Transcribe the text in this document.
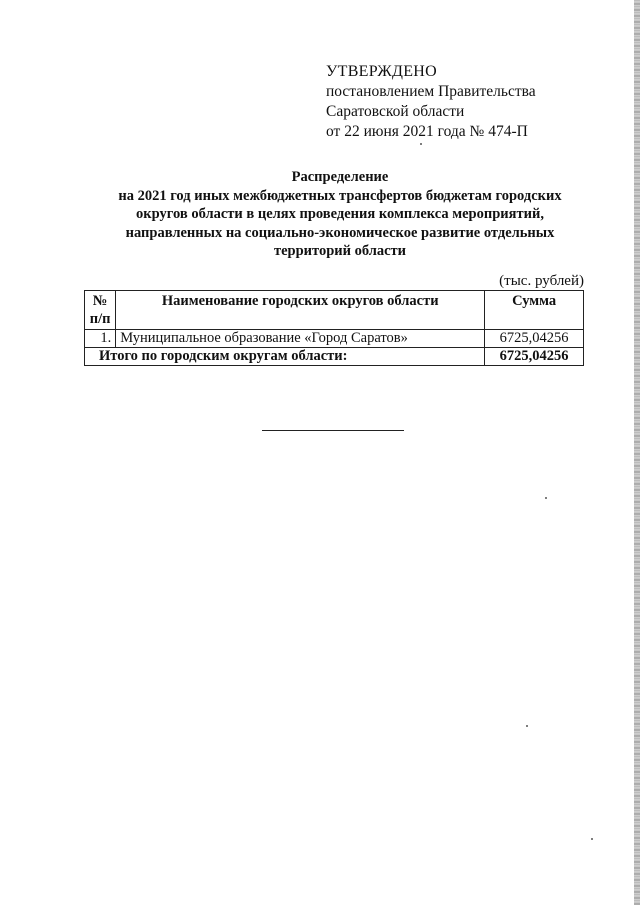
УТВЕРЖДЕНО
постановлением Правительства
Саратовской области
от 22 июня 2021 года № 474-П
Распределение
на 2021 год иных межбюджетных трансфертов бюджетам городских
округов области в целях проведения комплекса мероприятий,
направленных на социально-экономическое развитие отдельных
территорий области
(тыс. рублей)
№
п/п	Наименование городских округов области	Сумма
1.	Муниципальное образование «Город Саратов»	6725,04256
Итого по городским округам области:		6725,04256
